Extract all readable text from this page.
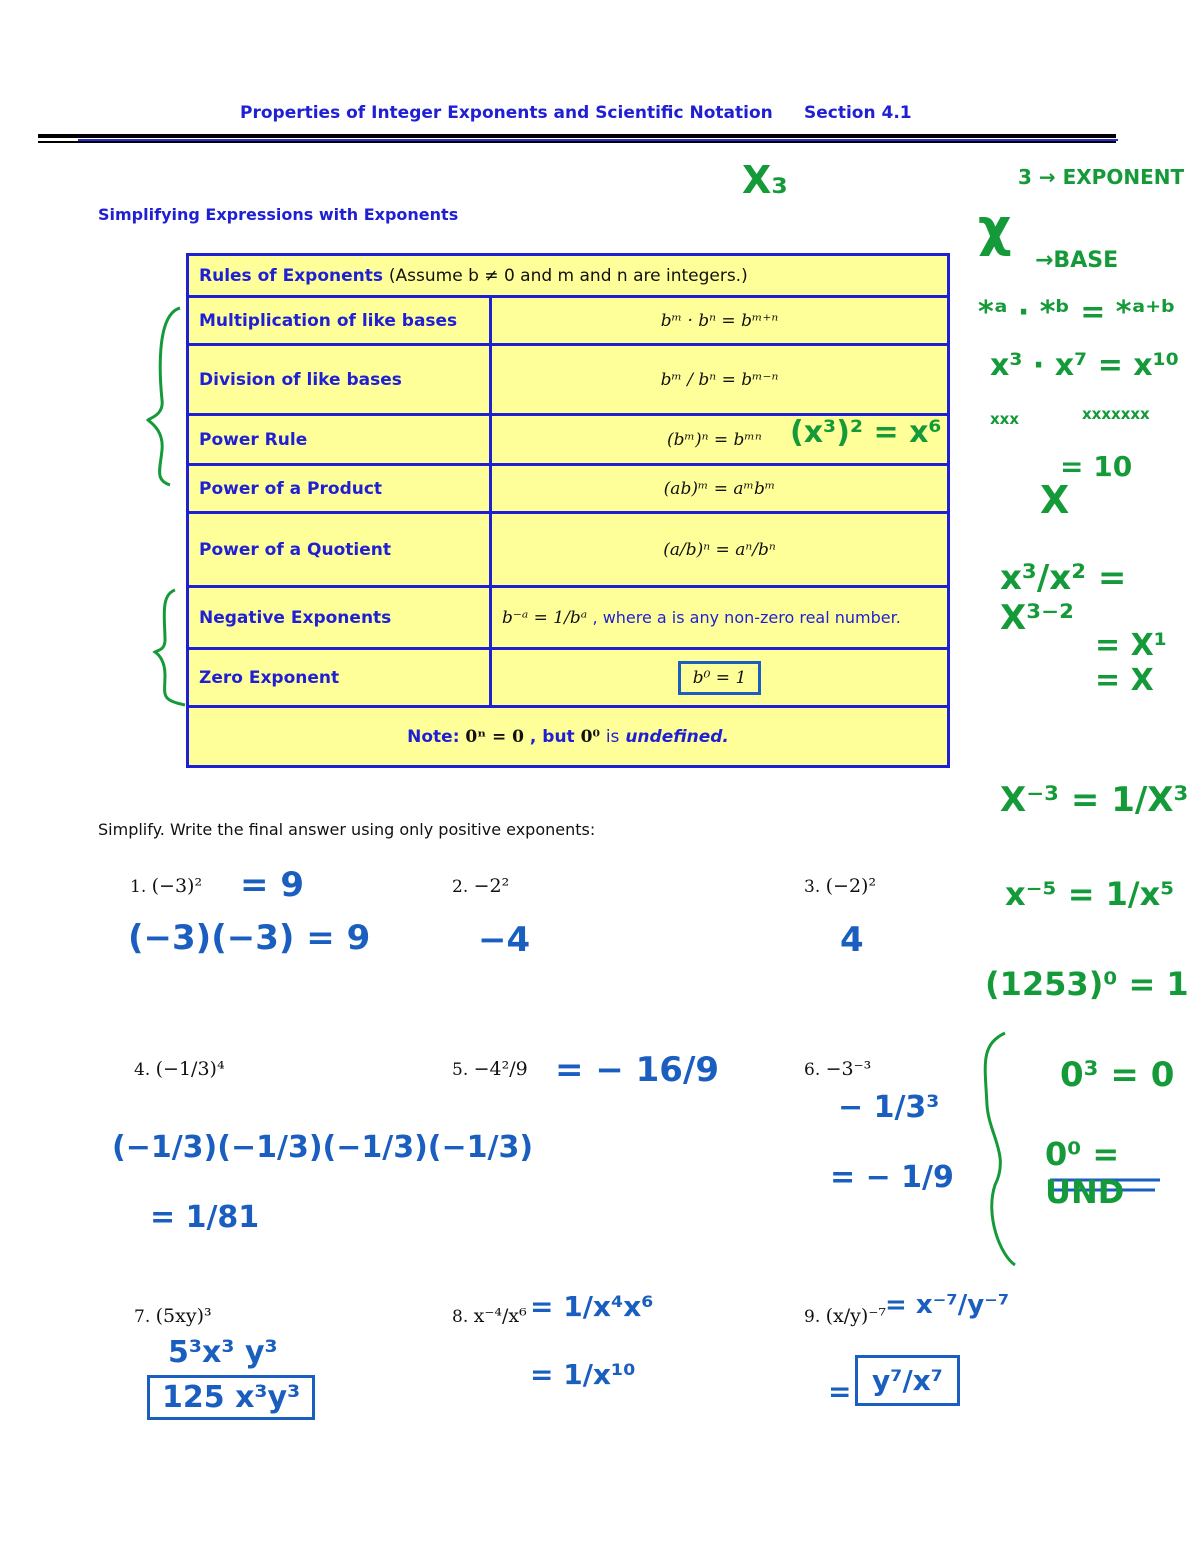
Properties of Integer Exponents and Scientific Notation Section 4.1
Simplifying Expressions with Exponents
Rules of Exponents (Assume b ≠ 0 and m and n are integers.)	
Multiplication of like bases	bᵐ · bⁿ = bᵐ⁺ⁿ
Division of like bases	bᵐ / bⁿ = bᵐ⁻ⁿ
Power Rule	(bᵐ)ⁿ = bᵐⁿ
Power of a Product	(ab)ᵐ = aᵐbᵐ
Power of a Quotient	(a/b)ⁿ = aⁿ/bⁿ
Negative Exponents	b⁻ᵃ = 1/bᵃ , where a is any non-zero real number.
Zero Exponent	b⁰ = 1
Note: 0ⁿ = 0 , but 0⁰ is undefined.	
Simplify. Write the final answer using only positive exponents:
1. (−3)²	2. −2²	3. (−2)²
4. (−1/3)⁴	5. −4²/9	6. −3⁻³
7. (5xy)³	8. x⁻⁴/x⁶	9. (x/y)⁻⁷
X₃	3 → EXPONENT
χ
→BASE
*ᵃ · *ᵇ = *ᵃ⁺ᵇ
x³ · x⁷ = x¹⁰
xxx	xxxxxxx
(x³)² = x⁶
= 10
X
x³/x² = X³⁻²
= X¹ = X
X⁻³ = 1/X³
x⁻⁵ = 1/x⁵
(1253)⁰ = 1
0³ = 0
0⁰ = UND
= 9
(−3)(−3) = 9	−4	4
(−1/3)(−1/3)(−1/3)(−1/3)
= 1/81
= − 16/9
− 1/3³
= − 1/9
5³x³ y³
125 x³y³
= 1/x⁴x⁶
= 1/x¹⁰
= x⁻⁷/y⁻⁷
= y⁷/x⁷
